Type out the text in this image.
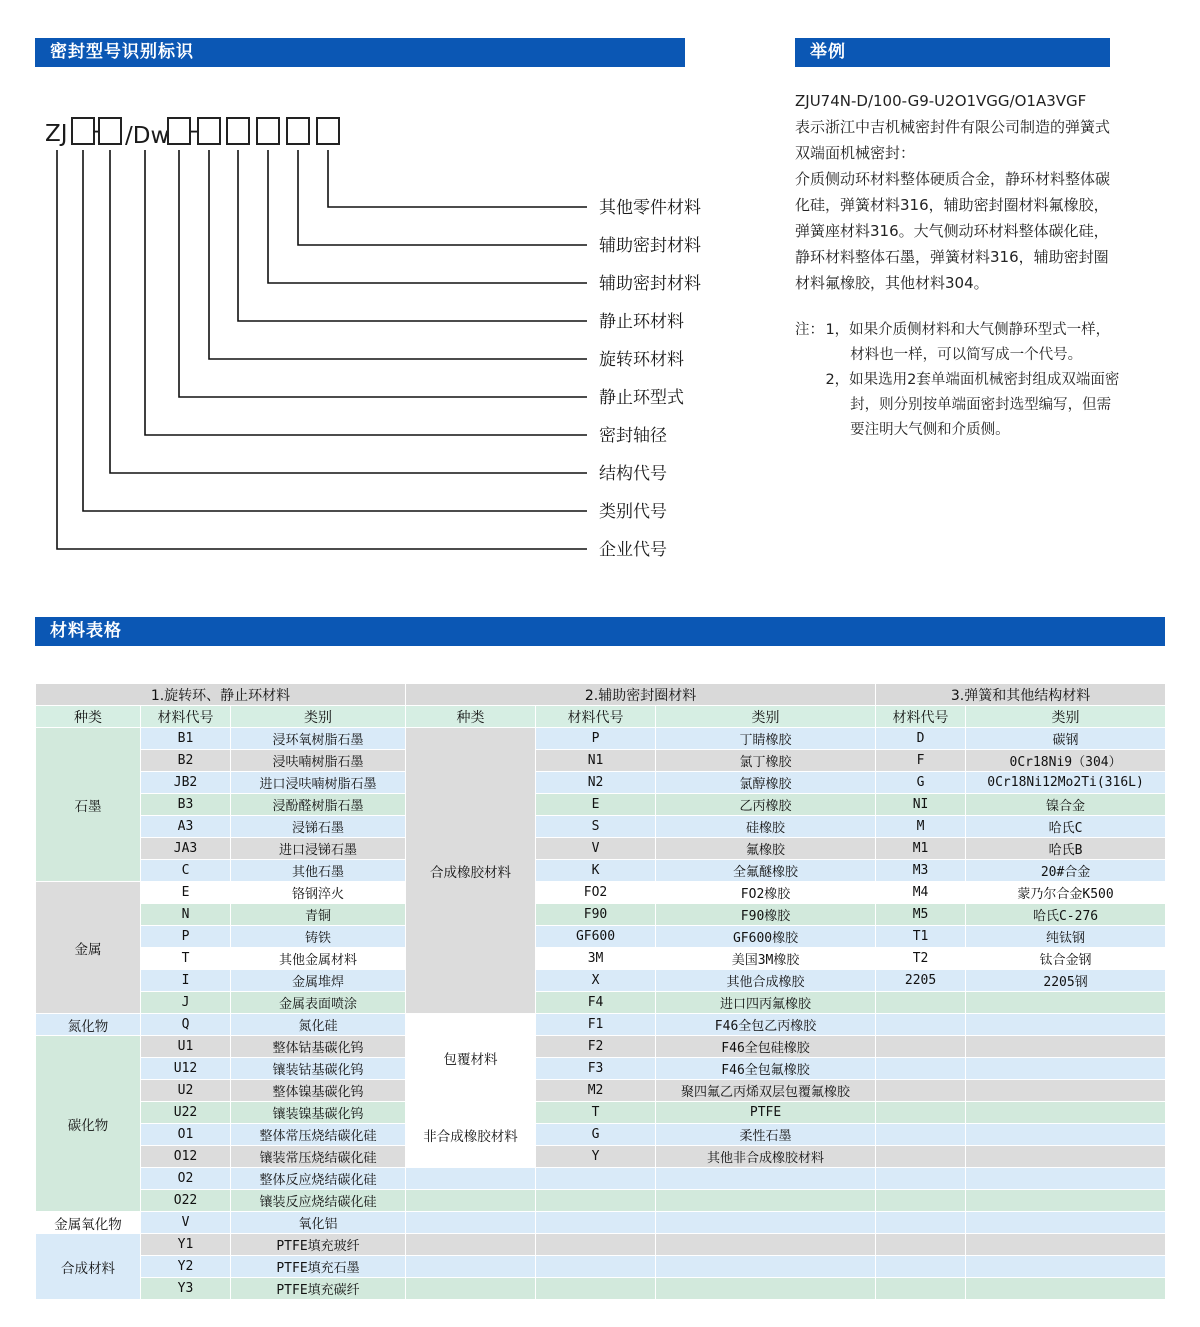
密封型号识别标识	举例
ZJ - /Dw -
其他零件材料
辅助密封材料
辅助密封材料
静止环材料
旋转环材料
静止环型式
密封轴径
结构代号
类别代号
企业代号

ZJU74N-D/100-G9-U2O1VGG/O1A3VGF

表示浙江中吉机械密封件有限公司制造的弹簧式双端面机械密封：

介质侧动环材料整体硬质合金，静环材料整体碳化硅，弹簧材料316，辅助密封圈材料氟橡胶，弹簧座材料316。大气侧动环材料整体碳化硅，静环材料整体石墨，弹簧材料316，辅助密封圈材料氟橡胶，其他材料304。

注： 1，如果介质侧材料和大气侧静环型式一样，材料也一样，可以简写成一个代号。
2，如果选用2套单端面机械密封组成双端面密封，则分别按单端面密封选型编写，但需要注明大气侧和介质侧。
材料表格
1.旋转环、静止环材料			2.辅助密封圈材料			3.弹簧和其他结构材料	
种类	材料代号	类别	种类	材料代号	类别	材料代号	类别
石墨	B1	浸环氧树脂石墨	合成橡胶材料	P	丁睛橡胶	D	碳钢
	B2	浸呋喃树脂石墨		N1	氯丁橡胶	F	0Cr18Ni9（304）
	JB2	进口浸呋喃树脂石墨		N2	氯醇橡胶	G	0Cr18Ni12Mo2Ti(316L)
	B3	浸酚醛树脂石墨		E	乙丙橡胶	NI	镍合金
	A3	浸锑石墨		S	硅橡胶	M	哈氏C
	JA3	进口浸锑石墨		V	氟橡胶	M1	哈氏B
	C	其他石墨		K	全氟醚橡胶	M3	20#合金
金属	E	铬钢淬火		FO2	FO2橡胶	M4	蒙乃尔合金K500
	N	青铜		F90	F90橡胶	M5	哈氏C-276
	P	铸铁		GF600	GF600橡胶	T1	纯钛钢
	T	其他金属材料		3M	美国3M橡胶	T2	钛合金钢
	I	金属堆焊		X	其他合成橡胶	2205	2205钢
	J	金属表面喷涂		F4	进口四丙氟橡胶		
氮化物	Q	氮化硅	包覆材料	F1	F46全包乙丙橡胶		
碳化物	U1	整体钴基碳化钨		F2	F46全包硅橡胶		
	U12	镶装钴基碳化钨		F3	F46全包氟橡胶		
	U2	整体镍基碳化钨		M2	聚四氟乙丙烯双层包覆氟橡胶		
	U22	镶装镍基碳化钨	非合成橡胶材料	T	PTFE		
	O1	整体常压烧结碳化硅		G	柔性石墨		
	O12	镶装常压烧结碳化硅		Y	其他非合成橡胶材料		
	O2	整体反应烧结碳化硅					
	O22	镶装反应烧结碳化硅					
金属氧化物	V	氧化铝					
合成材料	Y1	PTFE填充玻纤					
	Y2	PTFE填充石墨					
	Y3	PTFE填充碳纤					
